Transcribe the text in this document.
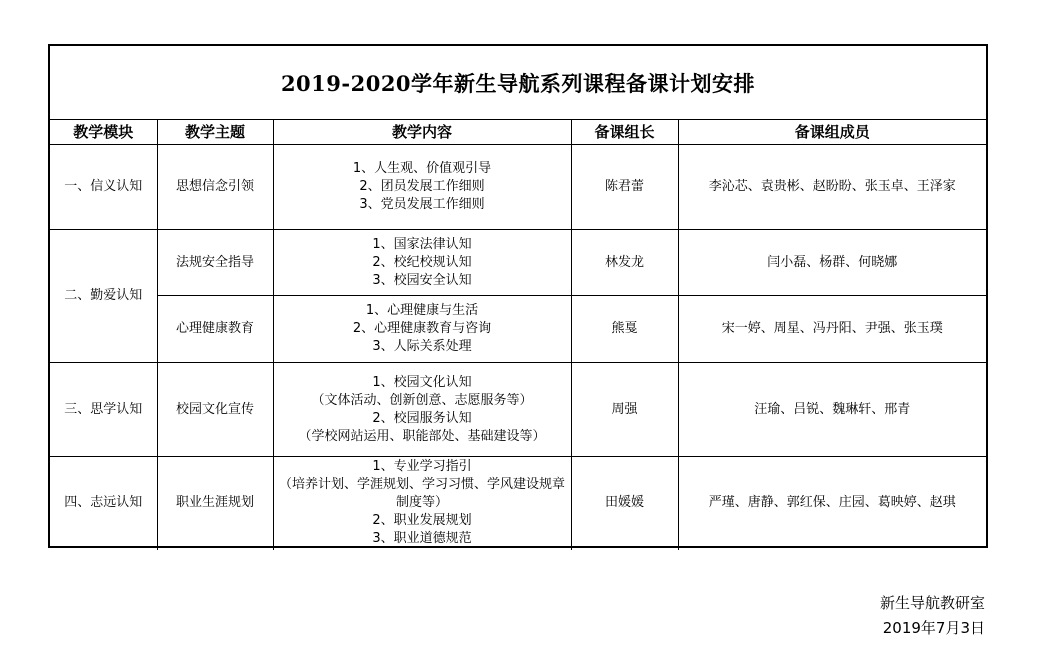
2019-2020学年新生导航系列课程备课计划安排
教学模块	教学主题	教学内容	备课组长	备课组成员
一、信义认知	思想信念引领	1、人生观、价值观引导
2、团员发展工作细则
3、党员发展工作细则	陈君蕾	李沁芯、袁贵彬、赵盼盼、张玉卓、王泽家
二、勤爱认知	法规安全指导	1、国家法律认知
2、校纪校规认知
3、校园安全认知	林发龙	闫小磊、杨群、何晓娜
	心理健康教育	1、心理健康与生活
2、心理健康教育与咨询
3、人际关系处理	熊戛	宋一婷、周星、冯丹阳、尹强、张玉璞
三、思学认知	校园文化宣传	1、校园文化认知
（文体活动、创新创意、志愿服务等）
2、校园服务认知
（学校网站运用、职能部处、基础建设等）	周强	汪瑜、吕锐、魏琳轩、邢青
四、志远认知	职业生涯规划	1、专业学习指引
（培养计划、学涯规划、学习习惯、学风建设规章制度等）
2、职业发展规划
3、职业道德规范	田媛媛	严瑾、唐静、郭红保、庄园、葛映婷、赵琪
新生导航教研室
2019年7月3日
